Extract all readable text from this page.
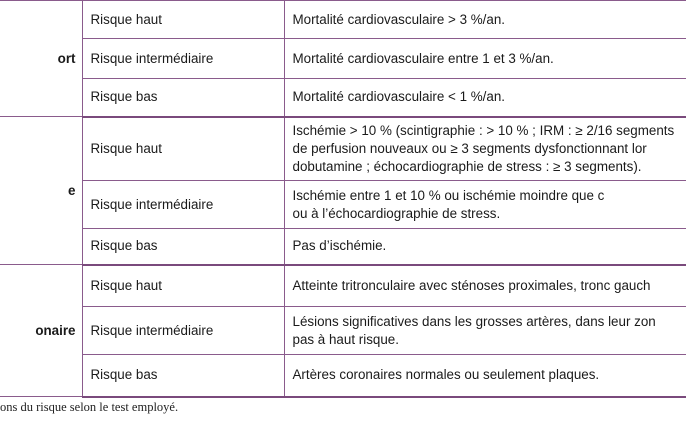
ort	Risque haut	Mortalité cardiovasculaire > 3 %/an.

	Risque intermédiaire	Mortalité cardiovasculaire entre 1 et 3 %/an.

	Risque bas	Mortalité cardiovasculaire < 1 %/an.

e	Risque haut	Ischémie > 10 % (scintigraphie : > 10 % ; IRM : ≥ 2/16 segments
de perfusion nouveaux ou ≥ 3 segments dysfonctionnant lor
dobutamine ; échocardiographie de stress : ≥ 3 segments).

	Risque intermédiaire	Ischémie entre 1 et 10 % ou ischémie moindre que c
ou à l’échocardiographie de stress.

	Risque bas	Pas d’ischémie.

onaire	Risque haut	Atteinte tritronculaire avec sténoses proximales, tronc gauch

	Risque intermédiaire	Lésions significatives dans les grosses artères, dans leur zon
pas à haut risque.

	Risque bas	Artères coronaires normales ou seulement plaques.
ons du risque selon le test employé.
